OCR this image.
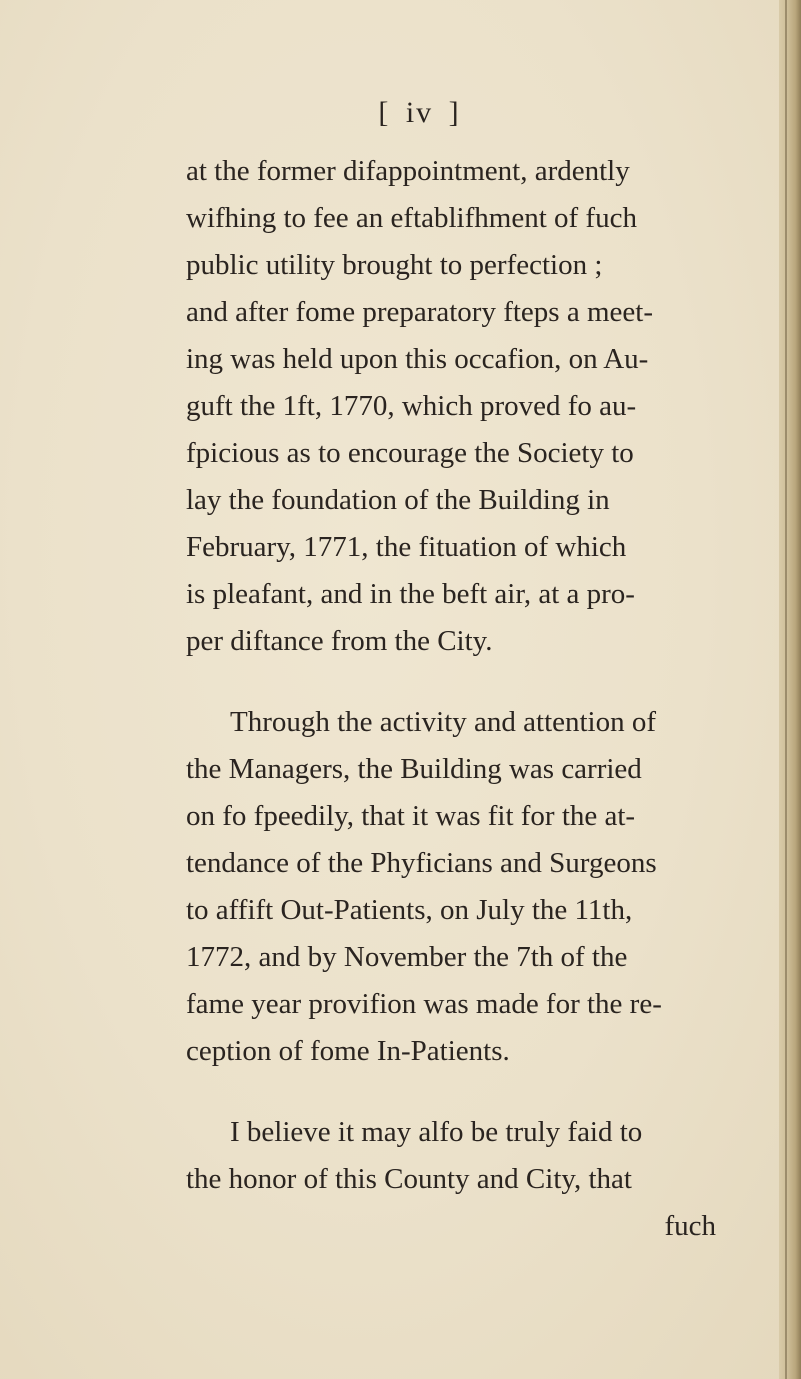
[ iv ]

at the former difappointment, ardently
wifhing to fee an eftablifhment of fuch
public utility brought to perfection ;
and after fome preparatory fteps a meet-
ing was held upon this occafion, on Au-
guft the 1ft, 1770, which proved fo au-
fpicious as to encourage the Society to
lay the foundation of the Building in
February, 1771, the fituation of which
is pleafant, and in the beft air, at a pro-
per diftance from the City.

Through the activity and attention of
the Managers, the Building was carried
on fo fpeedily, that it was fit for the at-
tendance of the Phyficians and Surgeons
to affift Out-Patients, on July the 11th,
1772, and by November the 7th of the
fame year provifion was made for the re-
ception of fome In-Patients.

I believe it may alfo be truly faid to
the honor of this County and City, that
fuch
